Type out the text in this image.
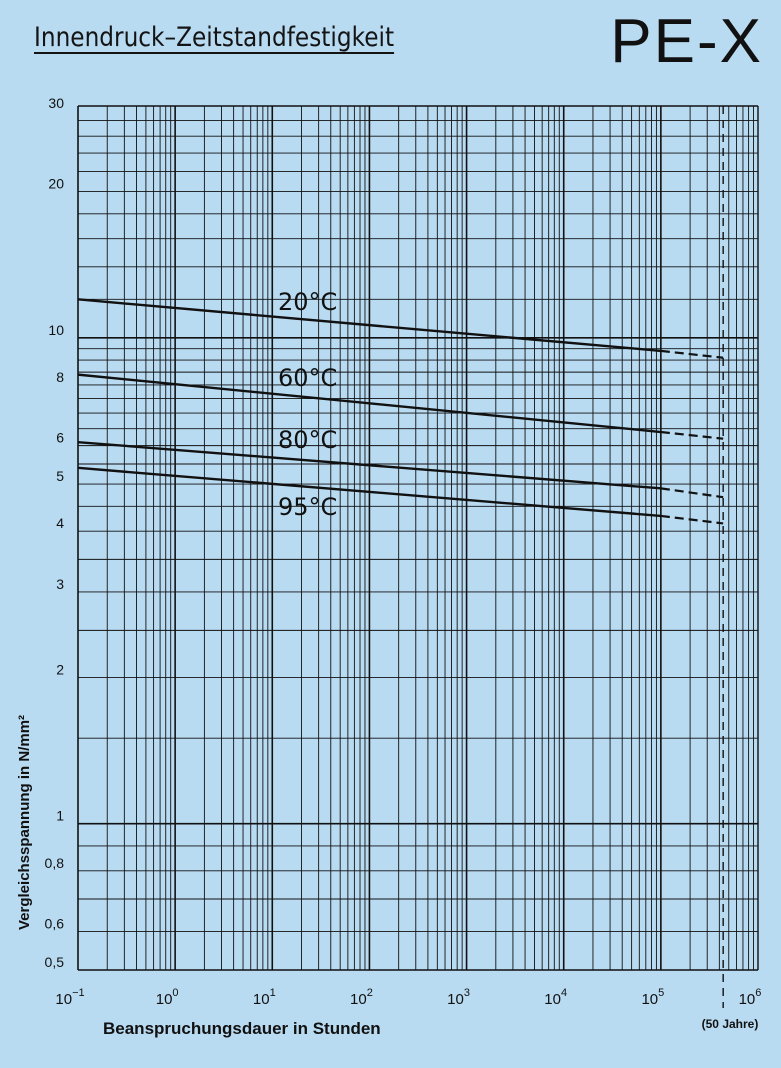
Innendruck–Zeitstandfestigkeit	PE-X
(50 Jahre)
20°C
60°C
80°C
95°C
30
20
10
8
6
5
4
3
2
1
0,8
0,6
0,5
$10^{-1}$	$10^0$	$10^1$	$10^2$	$10^3$	$10^4$	$10^5$	$10^6$
Beanspruchungsdauer in Stunden
Vergleichsspannung in N/mm²
